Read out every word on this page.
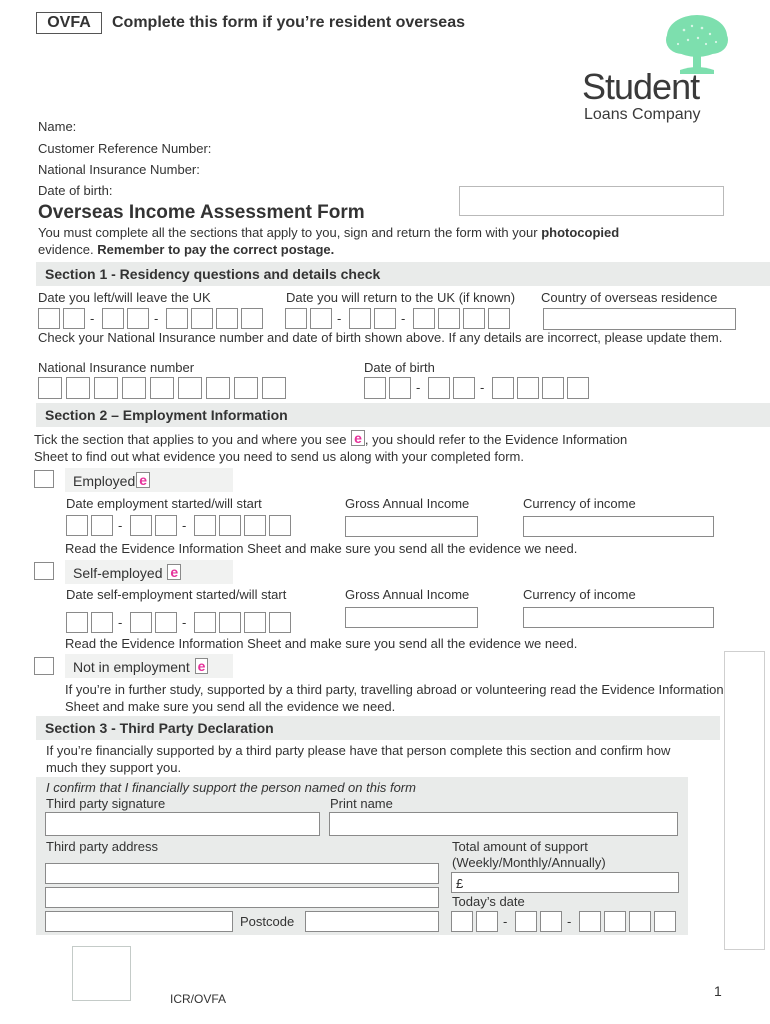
OVFA	Complete this form if you’re resident overseas
Student
Loans Company
Name:
Customer Reference Number:
National Insurance Number:
Date of birth:
Overseas Income Assessment Form
You must complete all the sections that apply to you, sign and return the form with your photocopied
evidence. Remember to pay the correct postage.
Section 1 - Residency questions and details check
Date you left/will leave the UK	Date you will return to the UK (if known) Country of overseas residence
-	-	-	-
Check your National Insurance number and date of birth shown above. If any details are incorrect, please update them.
National Insurance number	Date of birth
-	-
Section 2 – Employment Information
Tick the section that applies to you and where you see e , you should refer to the Evidence Information
Sheet to find out what evidence you need to send us along with your completed form.
Employed e
Date employment started/will start	Gross Annual Income	Currency of income
-	-
Read the Evidence Information Sheet and make sure you send all the evidence we need.
Self-employed e
Date self-employment started/will start	Gross Annual Income	Currency of income
-	-
Read the Evidence Information Sheet and make sure you send all the evidence we need.
Not in employment e
If you’re in further study, supported by a third party, travelling abroad or volunteering read the Evidence Information Sheet and make sure you send all the evidence we need.
Section 3 - Third Party Declaration
If you’re financially supported by a third party please have that person complete this section and confirm how much they support you.
I confirm that I financially support the person named on this form
Third party signature	Print name
Third party address	Total amount of support
(Weekly/Monthly/Annually)
Postcode
£
Today’s date
-	-
ICR/OVFA	1
